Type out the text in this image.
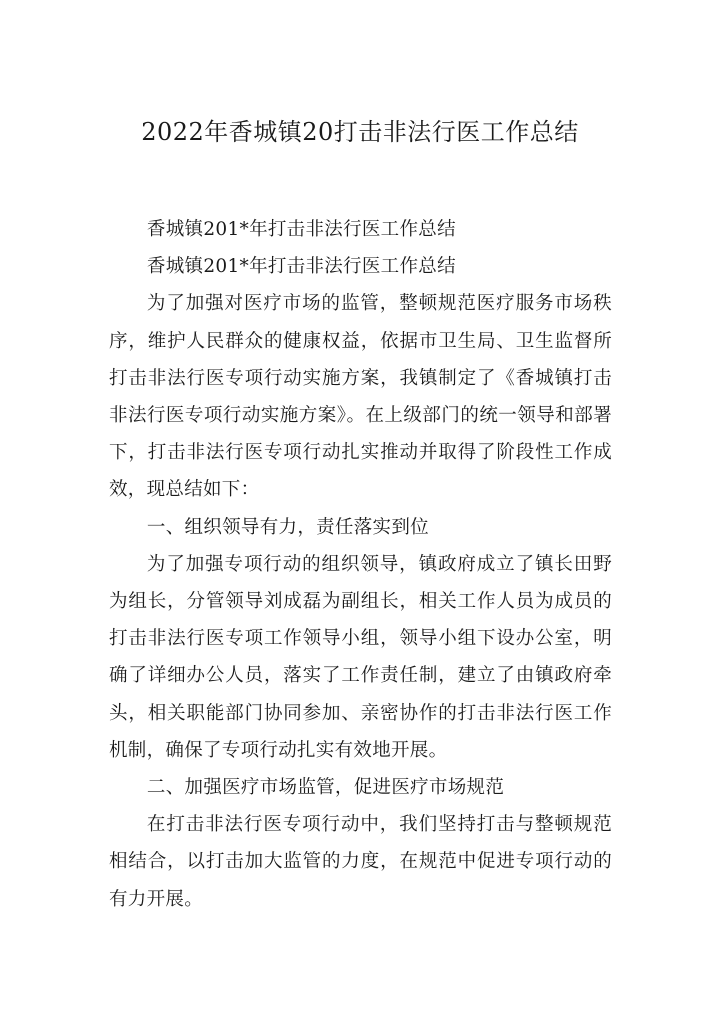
2022年香城镇20打击非法行医工作总结

香城镇201*年打击非法行医工作总结

香城镇201*年打击非法行医工作总结

为了加强对医疗市场的监管，整顿规范医疗服务市场秩序，维护人民群众的健康权益，依据市卫生局、卫生监督所打击非法行医专项行动实施方案，我镇制定了《香城镇打击非法行医专项行动实施方案》。在上级部门的统一领导和部署下，打击非法行医专项行动扎实推动并取得了阶段性工作成效，现总结如下：

一、组织领导有力，责任落实到位

为了加强专项行动的组织领导，镇政府成立了镇长田野为组长，分管领导刘成磊为副组长，相关工作人员为成员的打击非法行医专项工作领导小组，领导小组下设办公室，明确了详细办公人员，落实了工作责任制，建立了由镇政府牵头，相关职能部门协同参加、亲密协作的打击非法行医工作机制，确保了专项行动扎实有效地开展。

二、加强医疗市场监管，促进医疗市场规范

在打击非法行医专项行动中，我们坚持打击与整顿规范相结合，以打击加大监管的力度，在规范中促进专项行动的有力开展。
